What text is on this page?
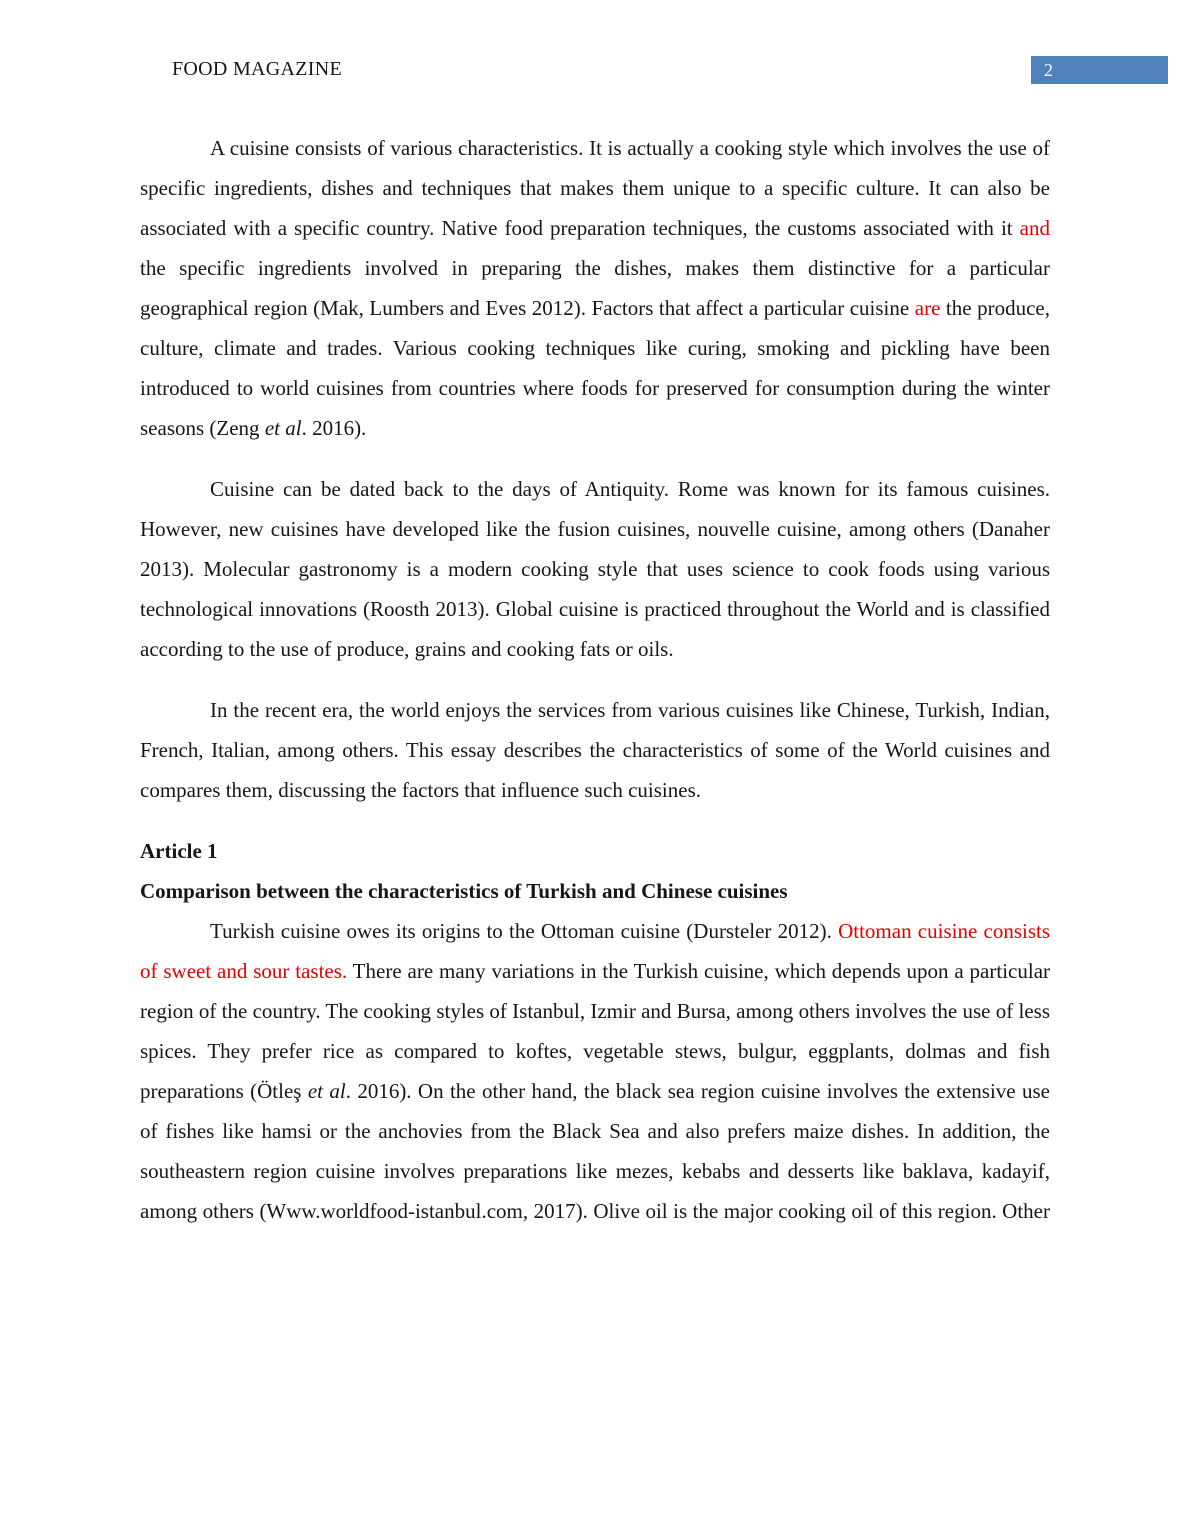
FOOD MAGAZINE	2

A cuisine consists of various characteristics. It is actually a cooking style which involves the use of specific ingredients, dishes and techniques that makes them unique to a specific culture. It can also be associated with a specific country. Native food preparation techniques, the customs associated with it and the specific ingredients involved in preparing the dishes, makes them distinctive for a particular geographical region (Mak, Lumbers and Eves 2012). Factors that affect a particular cuisine are the produce, culture, climate and trades. Various cooking techniques like curing, smoking and pickling have been introduced to world cuisines from countries where foods for preserved for consumption during the winter seasons (Zeng et al. 2016).

Cuisine can be dated back to the days of Antiquity. Rome was known for its famous cuisines. However, new cuisines have developed like the fusion cuisines, nouvelle cuisine, among others (Danaher 2013). Molecular gastronomy is a modern cooking style that uses science to cook foods using various technological innovations (Roosth 2013). Global cuisine is practiced throughout the World and is classified according to the use of produce, grains and cooking fats or oils.

In the recent era, the world enjoys the services from various cuisines like Chinese, Turkish, Indian, French, Italian, among others. This essay describes the characteristics of some of the World cuisines and compares them, discussing the factors that influence such cuisines.

Article 1
Comparison between the characteristics of Turkish and Chinese cuisines

Turkish cuisine owes its origins to the Ottoman cuisine (Dursteler 2012). Ottoman cuisine consists of sweet and sour tastes. There are many variations in the Turkish cuisine, which depends upon a particular region of the country. The cooking styles of Istanbul, Izmir and Bursa, among others involves the use of less spices. They prefer rice as compared to koftes, vegetable stews, bulgur, eggplants, dolmas and fish preparations (Ötleş et al. 2016). On the other hand, the black sea region cuisine involves the extensive use of fishes like hamsi or the anchovies from the Black Sea and also prefers maize dishes. In addition, the southeastern region cuisine involves preparations like mezes, kebabs and desserts like baklava, kadayif, among others (Www.worldfood-istanbul.com, 2017). Olive oil is the major cooking oil of this region. Other
